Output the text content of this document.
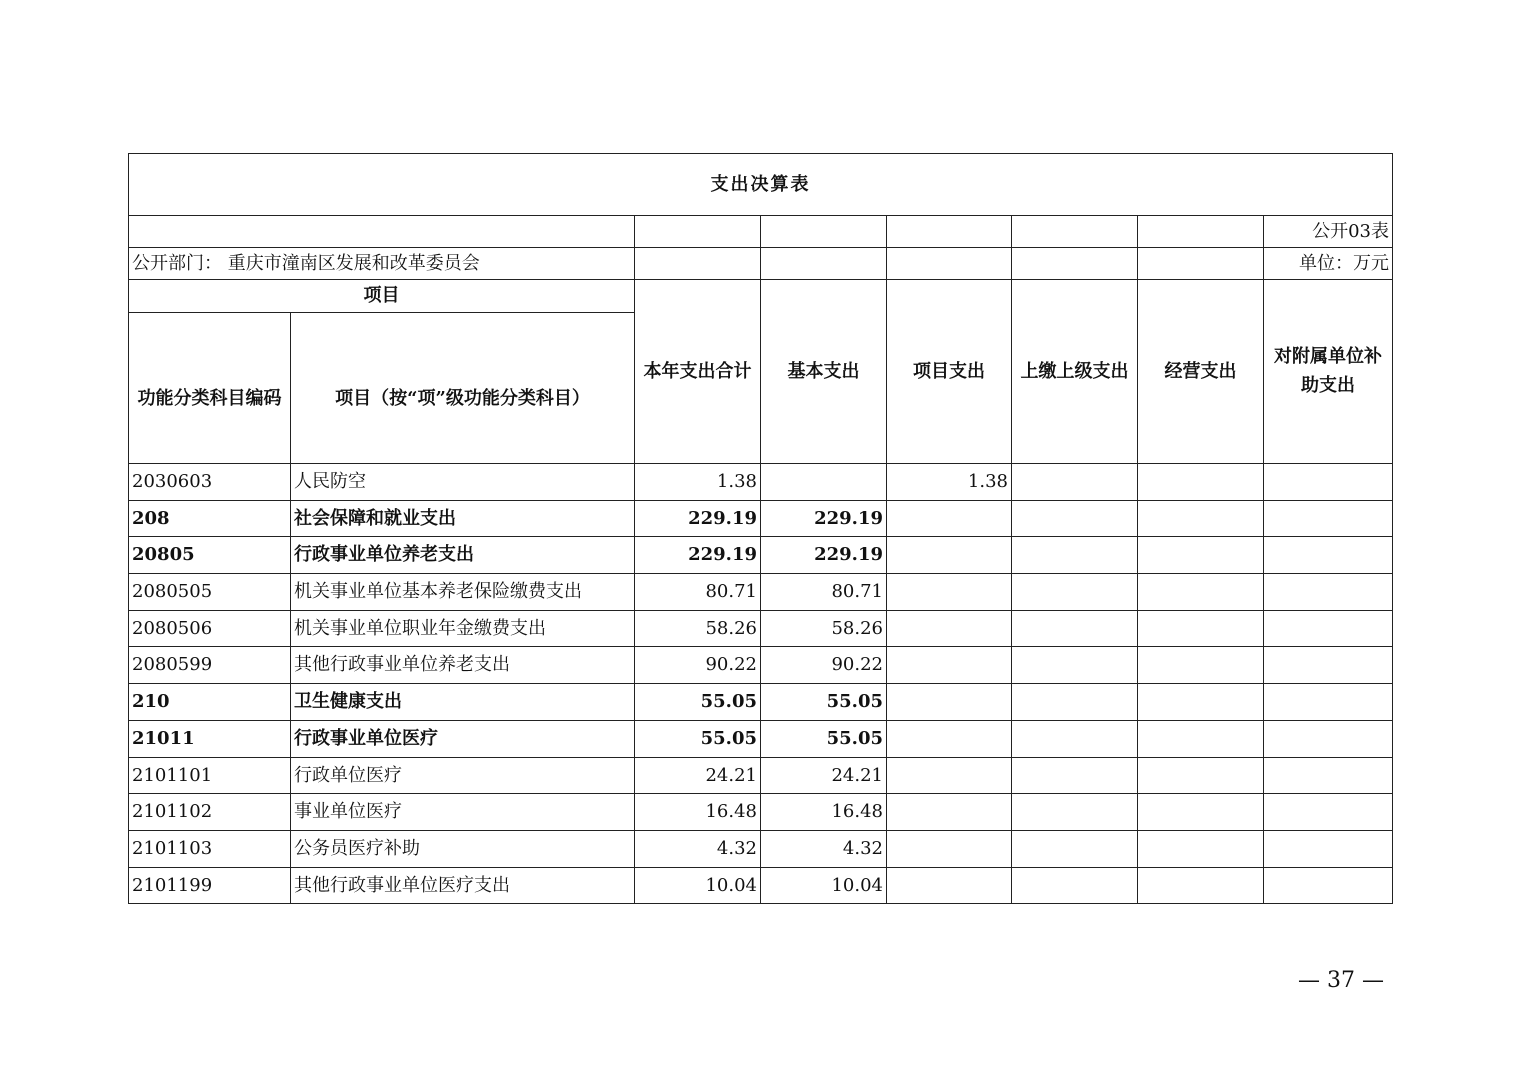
支出决算表							
							公开03表
公开部门： 重庆市潼南区发展和改革委员会							单位：万元
项目		本年支出合计	基本支出	项目支出	上缴上级支出	经营支出	对附属单位补助支出
功能分类科目编码	项目（按“项”级功能分类科目）						
2030603	人民防空	1.38		1.38			
208	社会保障和就业支出	229.19	229.19				
20805	行政事业单位养老支出	229.19	229.19				
2080505	机关事业单位基本养老保险缴费支出	80.71	80.71				
2080506	机关事业单位职业年金缴费支出	58.26	58.26				
2080599	其他行政事业单位养老支出	90.22	90.22				
210	卫生健康支出	55.05	55.05				
21011	行政事业单位医疗	55.05	55.05				
2101101	行政单位医疗	24.21	24.21				
2101102	事业单位医疗	16.48	16.48				
2101103	公务员医疗补助	4.32	4.32				
2101199	其他行政事业单位医疗支出	10.04	10.04				
— 37 —
